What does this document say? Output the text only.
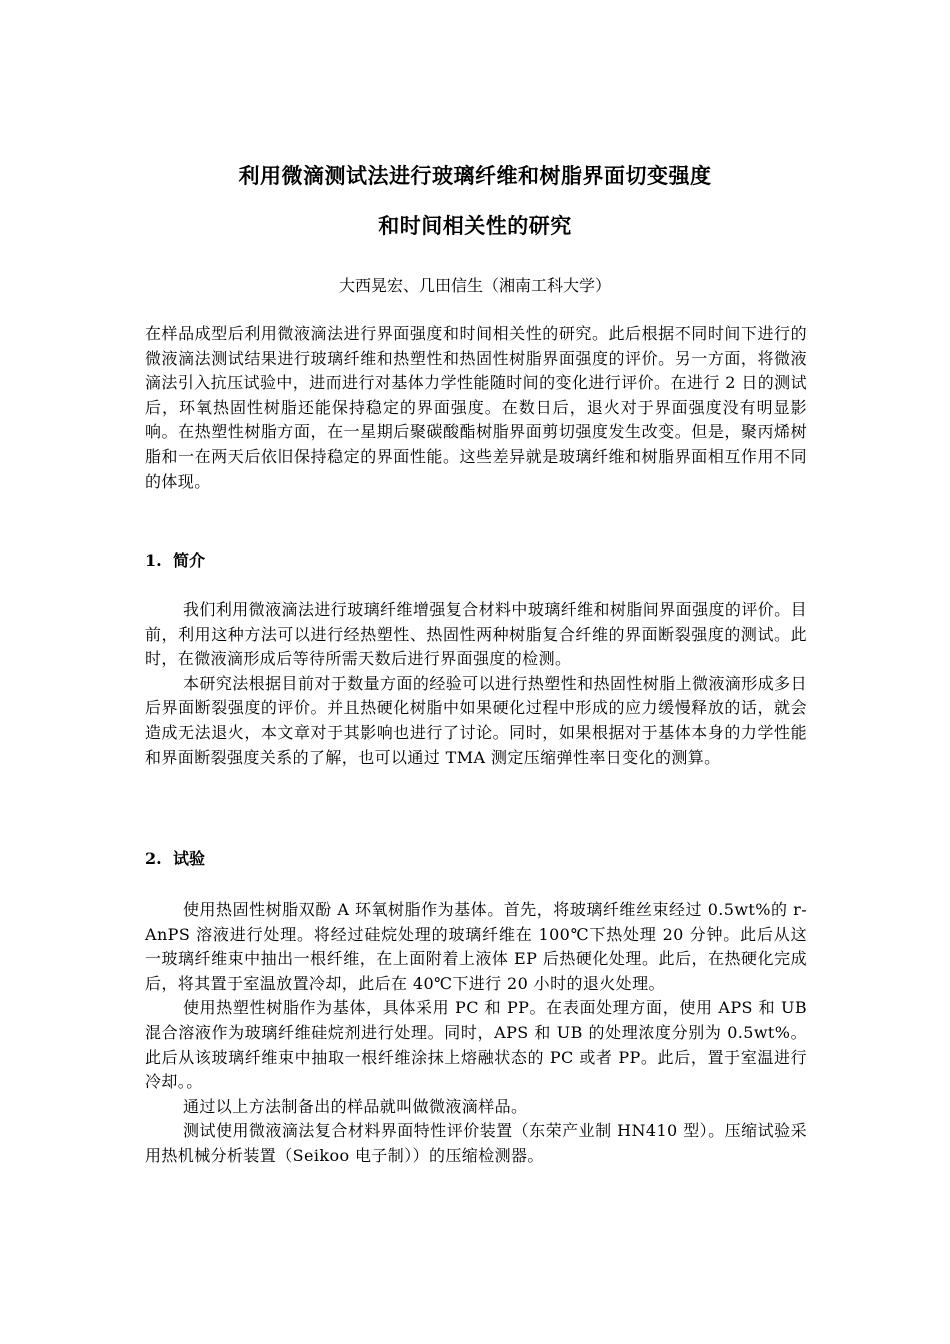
利用微滴测试法进行玻璃纤维和树脂界面切变强度
和时间相关性的研究
大西晃宏、几田信生（湘南工科大学）

在样品成型后利用微液滴法进行界面强度和时间相关性的研究。此后根据不同时间下进行的微液滴法测试结果进行玻璃纤维和热塑性和热固性树脂界面强度的评价。另一方面，将微液滴法引入抗压试验中，进而进行对基体力学性能随时间的变化进行评价。在进行 2 日的测试后，环氧热固性树脂还能保持稳定的界面强度。在数日后，退火对于界面强度没有明显影响。在热塑性树脂方面，在一星期后聚碳酸酯树脂界面剪切强度发生改变。但是，聚丙烯树脂和一在两天后依旧保持稳定的界面性能。这些差异就是玻璃纤维和树脂界面相互作用不同的体现。

1. 简介

我们利用微液滴法进行玻璃纤维增强复合材料中玻璃纤维和树脂间界面强度的评价。目前，利用这种方法可以进行经热塑性、热固性两种树脂复合纤维的界面断裂强度的测试。此时，在微液滴形成后等待所需天数后进行界面强度的检测。

本研究法根据目前对于数量方面的经验可以进行热塑性和热固性树脂上微液滴形成多日后界面断裂强度的评价。并且热硬化树脂中如果硬化过程中形成的应力缓慢释放的话，就会造成无法退火，本文章对于其影响也进行了讨论。同时，如果根据对于基体本身的力学性能和界面断裂强度关系的了解，也可以通过 TMA 测定压缩弹性率日变化的测算。

2. 试验

使用热固性树脂双酚 A 环氧树脂作为基体。首先，将玻璃纤维丝束经过 0.5wt%的 r-AnPS 溶液进行处理。将经过硅烷处理的玻璃纤维在 100℃下热处理 20 分钟。此后从这一玻璃纤维束中抽出一根纤维，在上面附着上液体 EP 后热硬化处理。此后，在热硬化完成后，将其置于室温放置冷却，此后在 40℃下进行 20 小时的退火处理。

使用热塑性树脂作为基体，具体采用 PC 和 PP。在表面处理方面，使用 APS 和 UB 混合溶液作为玻璃纤维硅烷剂进行处理。同时，APS 和 UB 的处理浓度分别为 0.5wt%。此后从该玻璃纤维束中抽取一根纤维涂抹上熔融状态的 PC 或者 PP。此后，置于室温进行冷却。。

通过以上方法制备出的样品就叫做微液滴样品。

测试使用微液滴法复合材料界面特性评价装置（东荣产业制 HN410 型）。压缩试验采用热机械分析装置（Seikoo 电子制））的压缩检测器。
